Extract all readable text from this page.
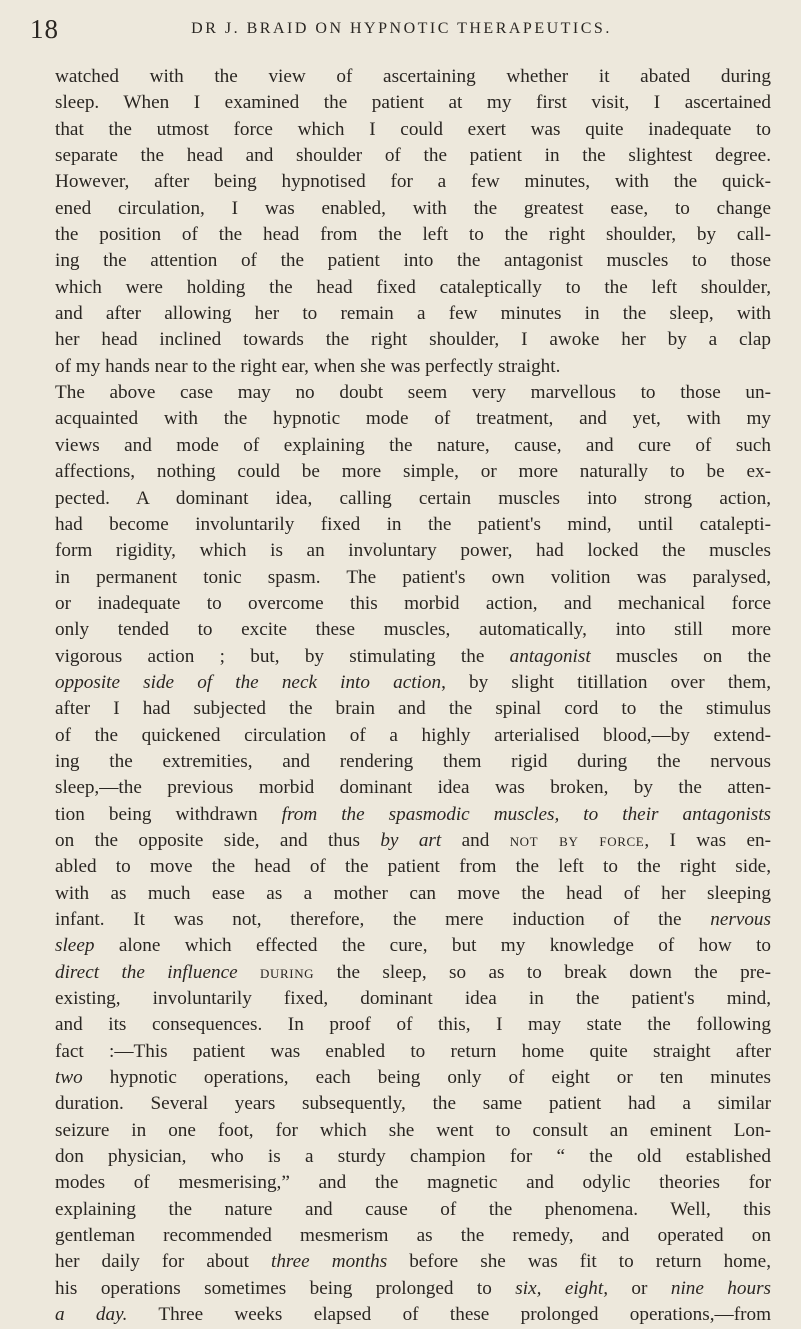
18	DR J. BRAID ON HYPNOTIC THERAPEUTICS.
watched with the view of ascertaining whether it abated during
sleep. When I examined the patient at my first visit, I ascertained
that the utmost force which I could exert was quite inadequate to
separate the head and shoulder of the patient in the slightest degree.
However, after being hypnotised for a few minutes, with the quick-
ened circulation, I was enabled, with the greatest ease, to change
the position of the head from the left to the right shoulder, by call-
ing the attention of the patient into the antagonist muscles to those
which were holding the head fixed cataleptically to the left shoulder,
and after allowing her to remain a few minutes in the sleep, with
her head inclined towards the right shoulder, I awoke her by a clap
of my hands near to the right ear, when she was perfectly straight.
The above case may no doubt seem very marvellous to those un-
acquainted with the hypnotic mode of treatment, and yet, with my
views and mode of explaining the nature, cause, and cure of such
affections, nothing could be more simple, or more naturally to be ex-
pected. A dominant idea, calling certain muscles into strong action,
had become involuntarily fixed in the patient's mind, until catalepti-
form rigidity, which is an involuntary power, had locked the muscles
in permanent tonic spasm. The patient's own volition was paralysed,
or inadequate to overcome this morbid action, and mechanical force
only tended to excite these muscles, automatically, into still more
vigorous action ; but, by stimulating the antagonist muscles on the
opposite side of the neck into action, by slight titillation over them,
after I had subjected the brain and the spinal cord to the stimulus
of the quickened circulation of a highly arterialised blood,—by extend-
ing the extremities, and rendering them rigid during the nervous
sleep,—the previous morbid dominant idea was broken, by the atten-
tion being withdrawn from the spasmodic muscles, to their antagonists
on the opposite side, and thus by art and not by force, I was en-
abled to move the head of the patient from the left to the right side,
with as much ease as a mother can move the head of her sleeping
infant. It was not, therefore, the mere induction of the nervous
sleep alone which effected the cure, but my knowledge of how to
direct the influence during the sleep, so as to break down the pre-
existing, involuntarily fixed, dominant idea in the patient's mind,
and its consequences. In proof of this, I may state the following
fact :—This patient was enabled to return home quite straight after
two hypnotic operations, each being only of eight or ten minutes
duration. Several years subsequently, the same patient had a similar
seizure in one foot, for which she went to consult an eminent Lon-
don physician, who is a sturdy champion for “ the old established
modes of mesmerising,” and the magnetic and odylic theories for
explaining the nature and cause of the phenomena. Well, this
gentleman recommended mesmerism as the remedy, and operated on
her daily for about three months before she was fit to return home,
his operations sometimes being prolonged to six, eight, or nine hours
a day. Three weeks elapsed of these prolonged operations,—from
